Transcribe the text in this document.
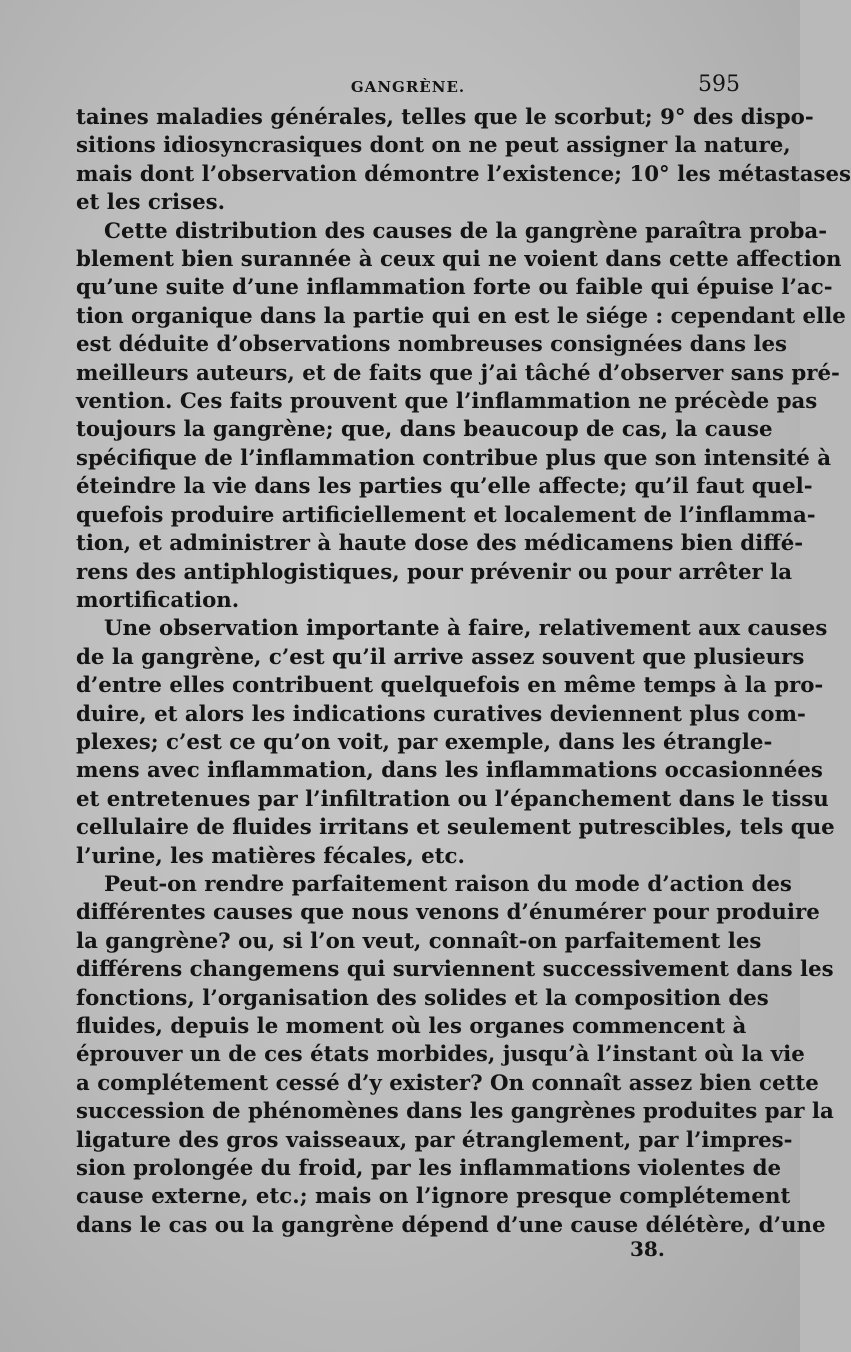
GANGRÈNE.	595

taines maladies générales, telles que le scorbut; 9° des dispo-
sitions idiosyncrasiques dont on ne peut assigner la nature,
mais dont l’observation démontre l’existence; 10° les métastases
et les crises.

Cette distribution des causes de la gangrène paraîtra proba-
blement bien surannée à ceux qui ne voient dans cette affection
qu’une suite d’une inflammation forte ou faible qui épuise l’ac-
tion organique dans la partie qui en est le siége : cependant elle
est déduite d’observations nombreuses consignées dans les
meilleurs auteurs, et de faits que j’ai tâché d’observer sans pré-
vention. Ces faits prouvent que l’inflammation ne précède pas
toujours la gangrène; que, dans beaucoup de cas, la cause
spécifique de l’inflammation contribue plus que son intensité à
éteindre la vie dans les parties qu’elle affecte; qu’il faut quel-
quefois produire artificiellement et localement de l’inflamma-
tion, et administrer à haute dose des médicamens bien diffé-
rens des antiphlogistiques, pour prévenir ou pour arrêter la
mortification.

Une observation importante à faire, relativement aux causes
de la gangrène, c’est qu’il arrive assez souvent que plusieurs
d’entre elles contribuent quelquefois en même temps à la pro-
duire, et alors les indications curatives deviennent plus com-
plexes; c’est ce qu’on voit, par exemple, dans les étrangle-
mens avec inflammation, dans les inflammations occasionnées
et entretenues par l’infiltration ou l’épanchement dans le tissu
cellulaire de fluides irritans et seulement putrescibles, tels que
l’urine, les matières fécales, etc.

Peut-on rendre parfaitement raison du mode d’action des
différentes causes que nous venons d’énumérer pour produire
la gangrène? ou, si l’on veut, connaît-on parfaitement les
différens changemens qui surviennent successivement dans les
fonctions, l’organisation des solides et la composition des
fluides, depuis le moment où les organes commencent à
éprouver un de ces états morbides, jusqu’à l’instant où la vie
a complétement cessé d’y exister? On connaît assez bien cette
succession de phénomènes dans les gangrènes produites par la
ligature des gros vaisseaux, par étranglement, par l’impres-
sion prolongée du froid, par les inflammations violentes de
cause externe, etc.; mais on l’ignore presque complétement
dans le cas ou la gangrène dépend d’une cause délétère, d’une

38.
